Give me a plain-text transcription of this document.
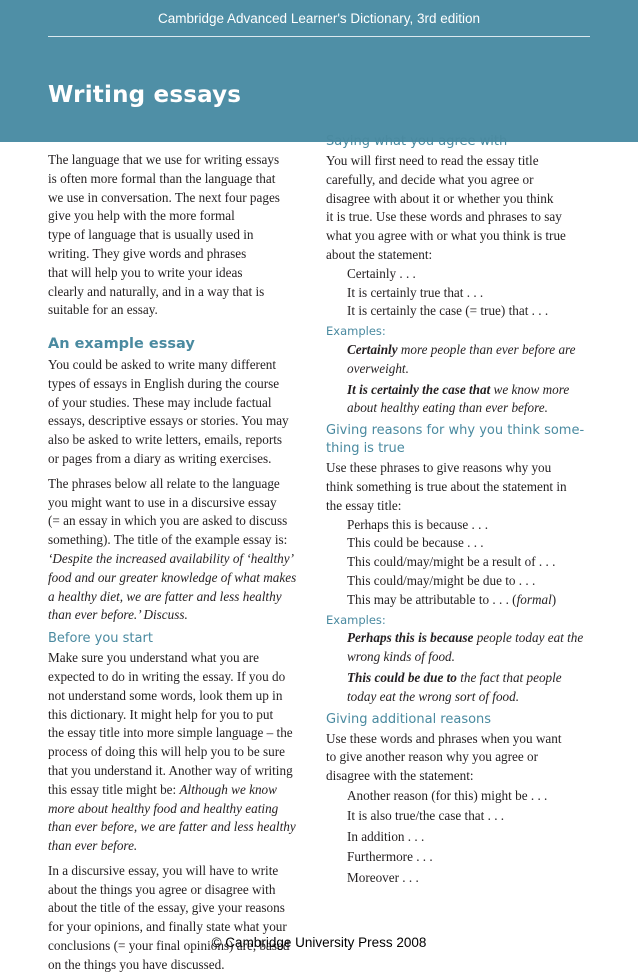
Cambridge Advanced Learner's Dictionary, 3rd edition
Writing essays

The language that we use for writing essays
is often more formal than the language that
we use in conversation. The next four pages
give you help with the more formal
type of language that is usually used in
writing. They give words and phrases
that will help you to write your ideas
clearly and naturally, and in a way that is
suitable for an essay.

An example essay

You could be asked to write many different
types of essays in English during the course
of your studies. These may include factual
essays, descriptive essays or stories. You may
also be asked to write letters, emails, reports
or pages from a diary as writing exercises.

The phrases below all relate to the language
you might want to use in a discursive essay
(= an essay in which you are asked to discuss
something). The title of the example essay is:
‘Despite the increased availability of ‘healthy’
food and our greater knowledge of what makes
a healthy diet, we are fatter and less healthy
than ever before.’ Discuss.

Before you start

Make sure you understand what you are
expected to do in writing the essay. If you do
not understand some words, look them up in
this dictionary. It might help for you to put
the essay title into more simple language – the
process of doing this will help you to be sure
that you understand it. Another way of writing
this essay title might be: Although we know
more about healthy food and healthy eating
than ever before, we are fatter and less healthy
than ever before.

In a discursive essay, you will have to write
about the things you agree or disagree with
about the title of the essay, give your reasons
for your opinions, and finally state what your
conclusions (= your final opinions) are, based
on the things you have discussed.

Saying what you agree with

You will first need to read the essay title
carefully, and decide what you agree or
disagree with about it or whether you think
it is true. Use these words and phrases to say
what you agree with or what you think is true
about the statement:

Certainly . . .
It is certainly true that . . .
It is certainly the case (= true) that . . .

Examples:

Certainly more people than ever before are
overweight.

It is certainly the case that we know more
about healthy eating than ever before.

Giving reasons for why you think some-
thing is true

Use these phrases to give reasons why you
think something is true about the statement in
the essay title:

Perhaps this is because . . .
This could be because . . .
This could/may/might be a result of . . .
This could/may/might be due to . . .
This may be attributable to . . . (formal)

Examples:

Perhaps this is because people today eat the
wrong kinds of food.

This could be due to the fact that people
today eat the wrong sort of food.

Giving additional reasons

Use these words and phrases when you want
to give another reason why you agree or
disagree with the statement:

Another reason (for this) might be . . .
It is also true/the case that . . .
In addition . . .
Furthermore . . .
Moreover . . .

© Cambridge University Press 2008
